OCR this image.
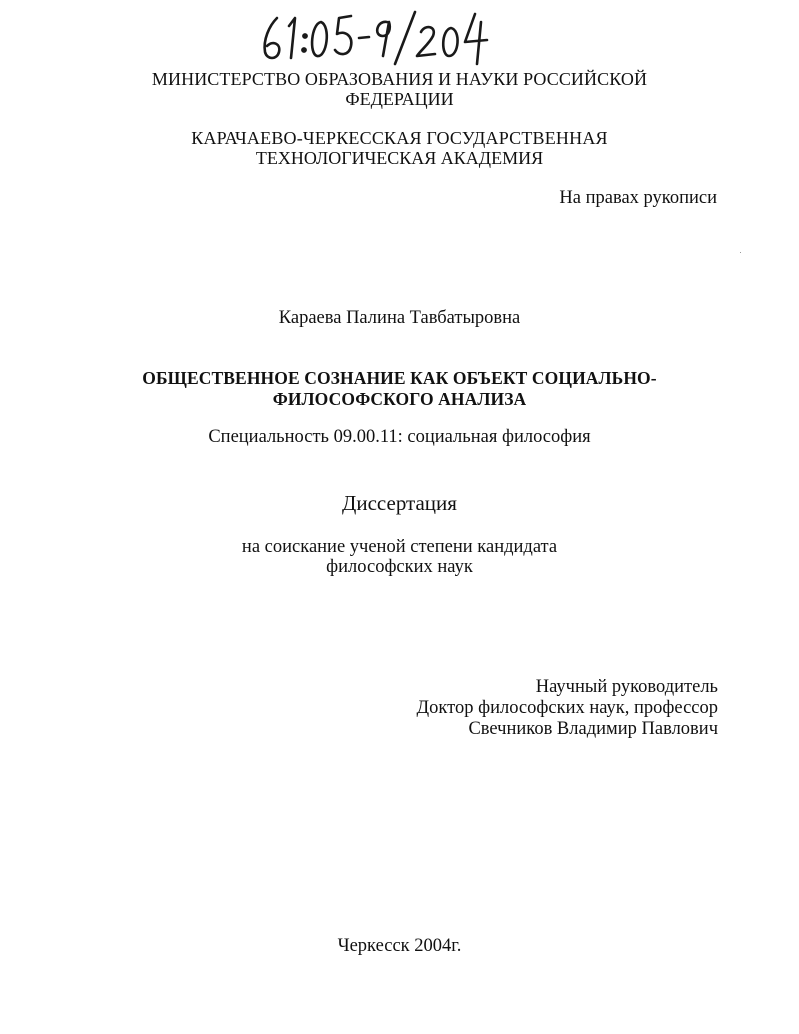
МИНИСТЕРСТВО ОБРАЗОВАНИЯ И НАУКИ РОССИЙСКОЙ
ФЕДЕРАЦИИ
КАРАЧАЕВО-ЧЕРКЕССКАЯ ГОСУДАРСТВЕННАЯ
ТЕХНОЛОГИЧЕСКАЯ АКАДЕМИЯ
На правах рукописи
Караева Палина Тавбатыровна
ОБЩЕСТВЕННОЕ СОЗНАНИЕ КАК ОБЪЕКТ СОЦИАЛЬНО-
ФИЛОСОФСКОГО АНАЛИЗА
Специальность 09.00.11: социальная философия
Диссертация
на соискание ученой степени кандидата
философских наук
Научный руководитель
Доктор философских наук, профессор
Свечников Владимир Павлович
Черкесск 2004г.
